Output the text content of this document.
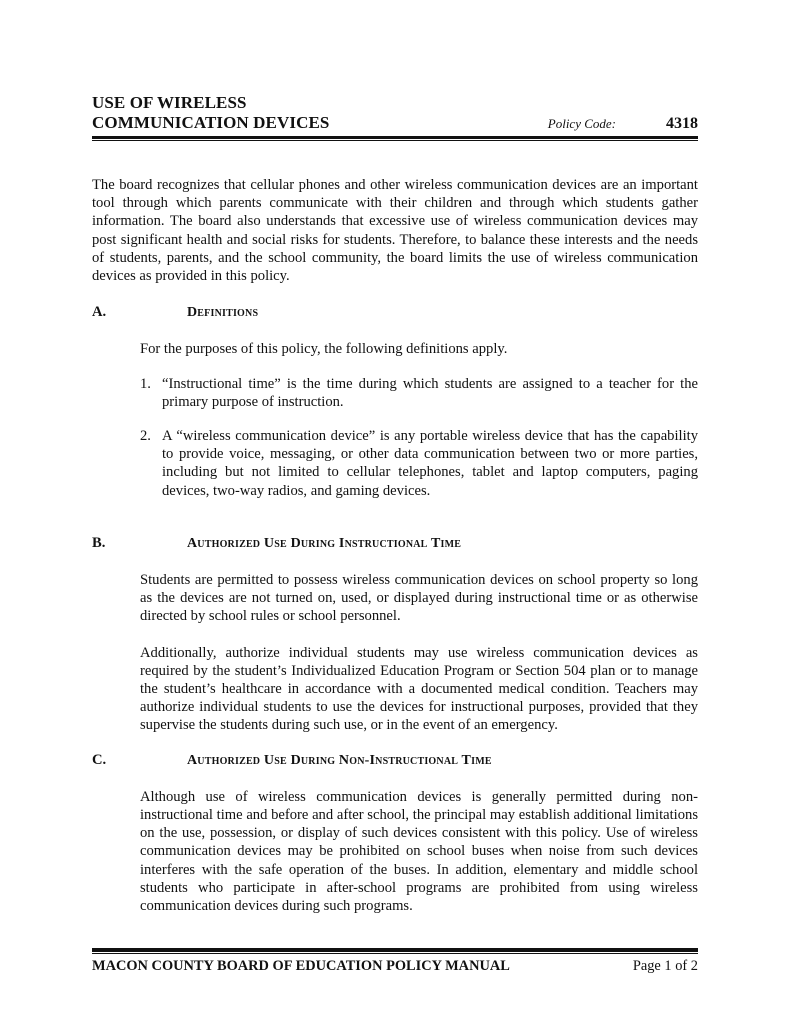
USE OF WIRELESS
COMMUNICATION DEVICES	Policy Code:	4318

The board recognizes that cellular phones and other wireless communication devices are an important tool through which parents communicate with their children and through which students gather information. The board also understands that excessive use of wireless communication devices may post significant health and social risks for students. Therefore, to balance these interests and the needs of students, parents, and the school community, the board limits the use of wireless communication devices as provided in this policy.

A.	Definitions

For the purposes of this policy, the following definitions apply.

1. “Instructional time” is the time during which students are assigned to a teacher for the primary purpose of instruction.
2. A “wireless communication device” is any portable wireless device that has the capability to provide voice, messaging, or other data communication between two or more parties, including but not limited to cellular telephones, tablet and laptop computers, paging devices, two-way radios, and gaming devices.
B.	Authorized Use During Instructional Time

Students are permitted to possess wireless communication devices on school property so long as the devices are not turned on, used, or displayed during instructional time or as otherwise directed by school rules or school personnel.

Additionally, authorize individual students may use wireless communication devices as required by the student’s Individualized Education Program or Section 504 plan or to manage the student’s healthcare in accordance with a documented medical condition. Teachers may authorize individual students to use the devices for instructional purposes, provided that they supervise the students during such use, or in the event of an emergency.

C.	Authorized Use During Non-Instructional Time

Although use of wireless communication devices is generally permitted during non-instructional time and before and after school, the principal may establish additional limitations on the use, possession, or display of such devices consistent with this policy. Use of wireless communication devices may be prohibited on school buses when noise from such devices interferes with the safe operation of the buses. In addition, elementary and middle school students who participate in after-school programs are prohibited from using wireless communication devices during such programs.

MACON COUNTY BOARD OF EDUCATION POLICY MANUAL	Page 1 of 2
